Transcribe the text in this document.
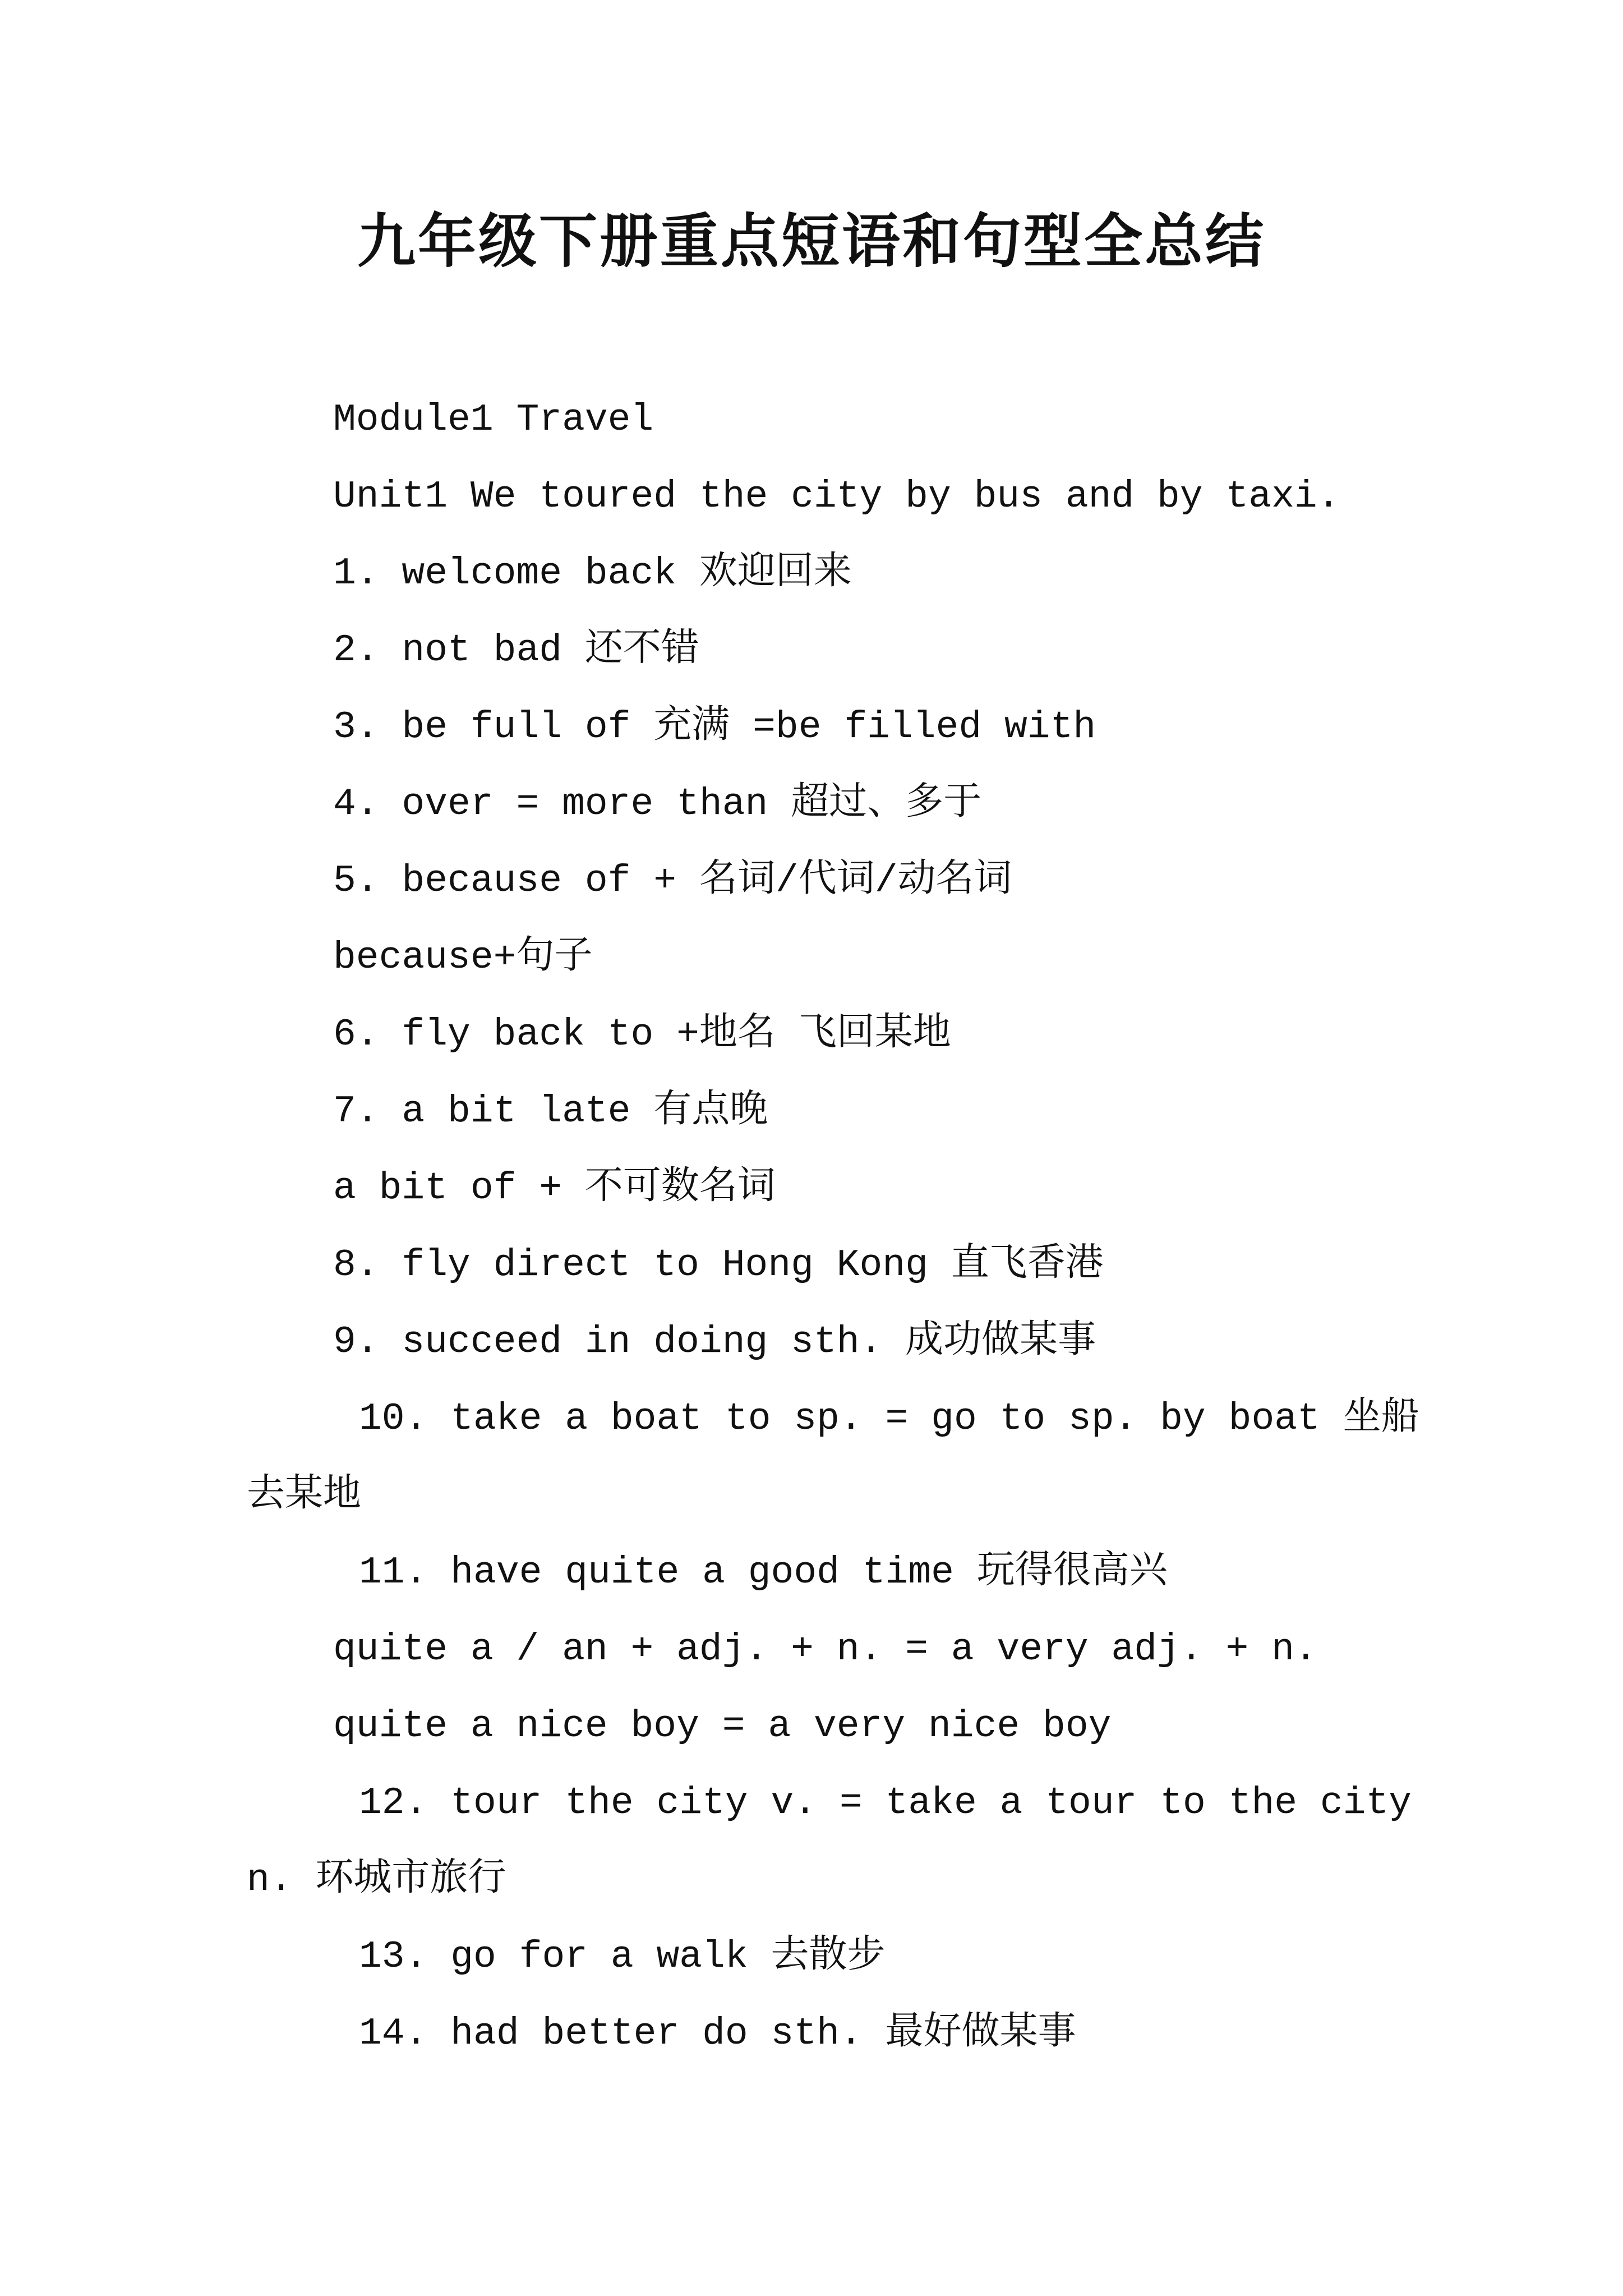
九年级下册重点短语和句型全总结
Module1 Travel
Unit1 We toured the city by bus and by taxi.
1. welcome back 欢迎回来
2. not bad 还不错
3. be full of 充满 =be filled with
4. over = more than 超过、多于
5. because of + 名词/代词/动名词
because+句子
6. fly back to +地名 飞回某地
7. a bit late 有点晚
a bit of + 不可数名词
8. fly direct to Hong Kong 直飞香港
9. succeed in doing sth. 成功做某事
10. take a boat to sp. = go to sp. by boat 坐船
去某地
11. have quite a good time 玩得很高兴
quite a / an + adj. + n. = a very adj. + n.
quite a nice boy = a very nice boy
12. tour the city v. = take a tour to the city
n. 环城市旅行
13. go for a walk 去散步
14. had better do sth. 最好做某事
